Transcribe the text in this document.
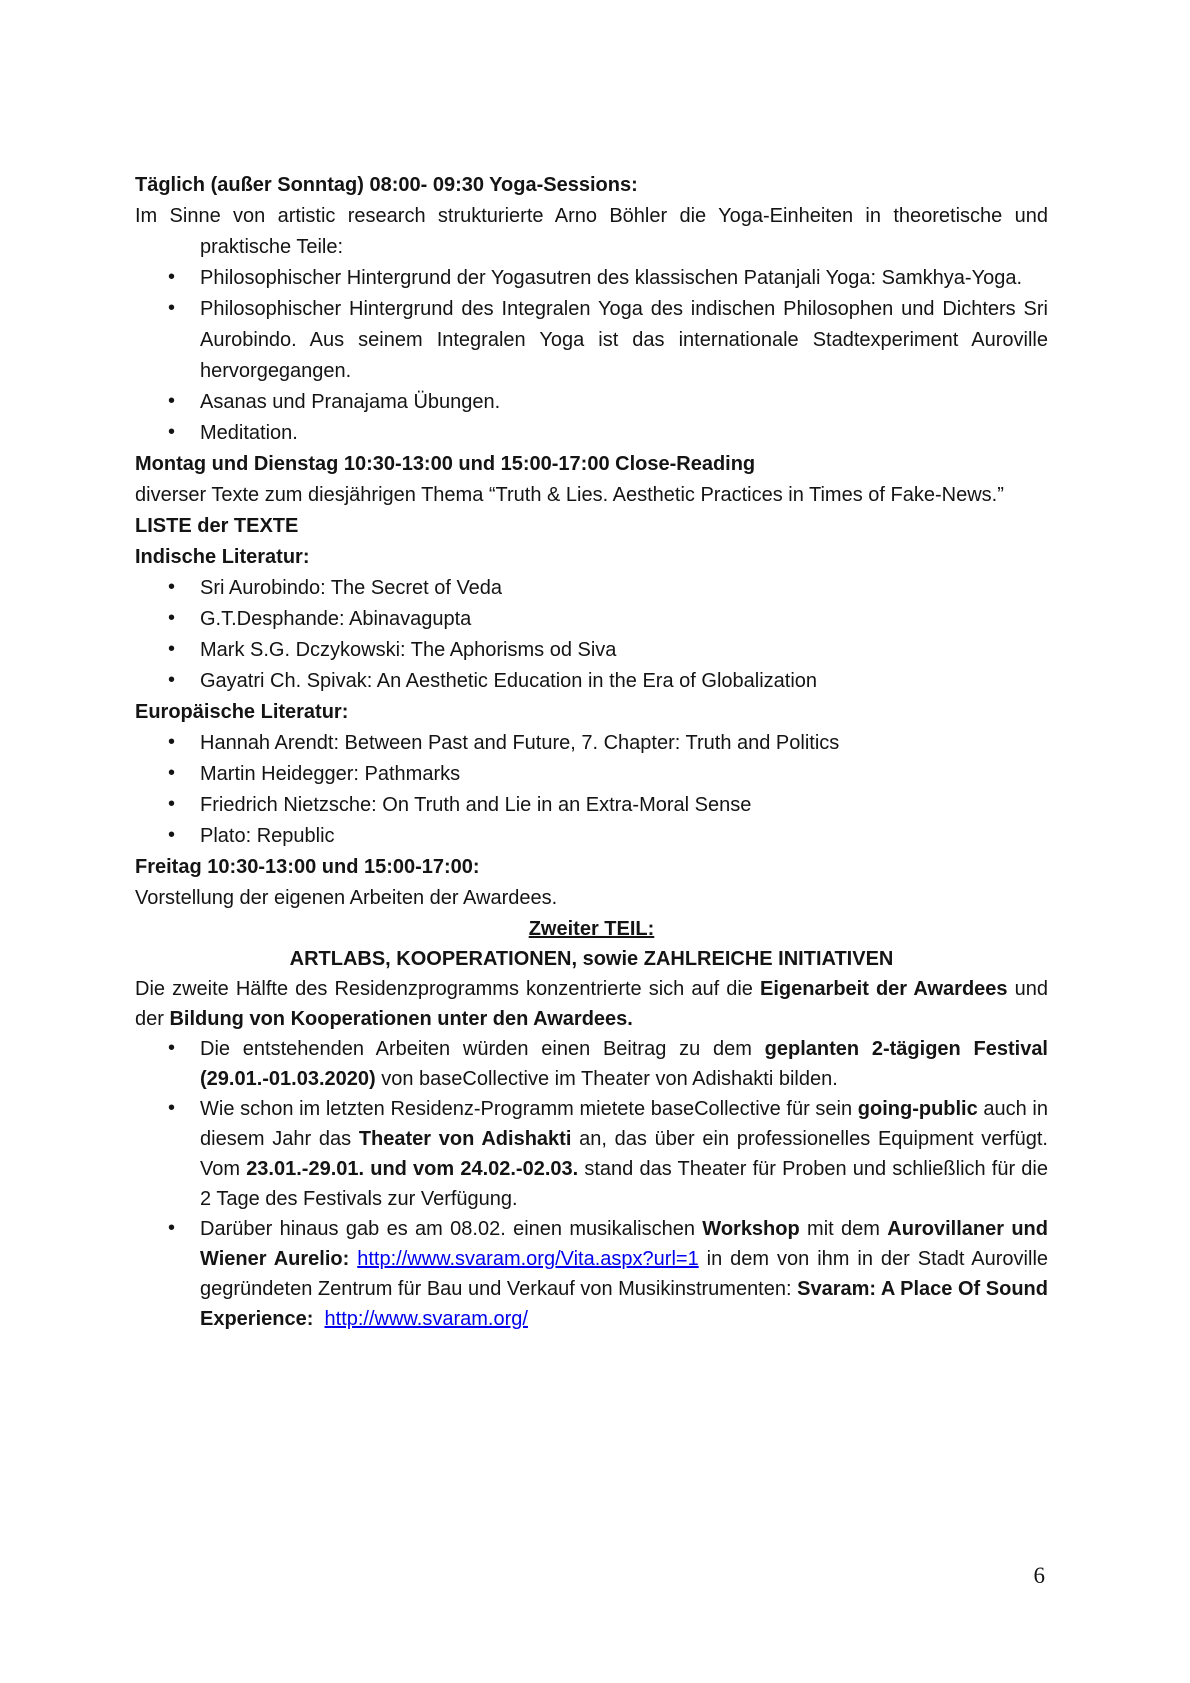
Täglich (außer Sonntag) 08:00- 09:30 Yoga-Sessions:

Im Sinne von artistic research strukturierte Arno Böhler die Yoga-Einheiten in theoretische und praktische Teile:

• Philosophischer Hintergrund der Yogasutren des klassischen Patanjali Yoga: Samkhya-Yoga.
• Philosophischer Hintergrund des Integralen Yoga des indischen Philosophen und Dichters Sri Aurobindo. Aus seinem Integralen Yoga ist das internationale Stadtexperiment Auroville hervorgegangen.
• Asanas und Pranajama Übungen.
• Meditation.

Montag und Dienstag 10:30-13:00 und 15:00-17:00 Close-Reading

diverser Texte zum diesjährigen Thema “Truth & Lies. Aesthetic Practices in Times of Fake-News.”

LISTE der TEXTE

Indische Literatur:

• Sri Aurobindo: The Secret of Veda
• G.T.Desphande: Abinavagupta
• Mark S.G. Dczykowski: The Aphorisms od Siva
• Gayatri Ch. Spivak: An Aesthetic Education in the Era of Globalization

Europäische Literatur:

• Hannah Arendt: Between Past and Future, 7. Chapter: Truth and Politics
• Martin Heidegger: Pathmarks
• Friedrich Nietzsche: On Truth and Lie in an Extra-Moral Sense
• Plato: Republic

Freitag 10:30-13:00 und 15:00-17:00:

Vorstellung der eigenen Arbeiten der Awardees.

Zweiter TEIL:

ARTLABS, KOOPERATIONEN, sowie ZAHLREICHE INITIATIVEN

Die zweite Hälfte des Residenzprogramms konzentrierte sich auf die Eigenarbeit der Awardees und der Bildung von Kooperationen unter den Awardees.

• Die entstehenden Arbeiten würden einen Beitrag zu dem geplanten 2-tägigen Festival (29.01.-01.03.2020) von baseCollective im Theater von Adishakti bilden.
• Wie schon im letzten Residenz-Programm mietete baseCollective für sein going-public auch in diesem Jahr das Theater von Adishakti an, das über ein professionelles Equipment verfügt. Vom 23.01.-29.01. und vom 24.02.-02.03. stand das Theater für Proben und schließlich für die 2 Tage des Festivals zur Verfügung.
• Darüber hinaus gab es am 08.02. einen musikalischen Workshop mit dem Aurovillaner und Wiener Aurelio: http://www.svaram.org/Vita.aspx?url=1 in dem von ihm in der Stadt Auroville gegründeten Zentrum für Bau und Verkauf von Musikinstrumenten: Svaram: A Place Of Sound Experience: http://www.svaram.org/
6
